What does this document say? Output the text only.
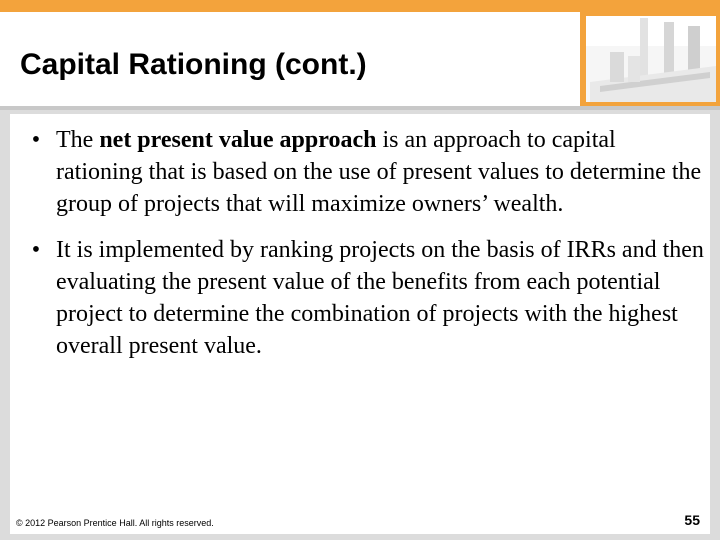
Capital Rationing (cont.)
• The net present value approach is an approach to capital rationing that is based on the use of present values to determine the group of projects that will maximize owners’ wealth.
• It is implemented by ranking projects on the basis of IRRs and then evaluating the present value of the benefits from each potential project to determine the combination of projects with the highest overall present value.
© 2012 Pearson Prentice Hall. All rights reserved.	55
